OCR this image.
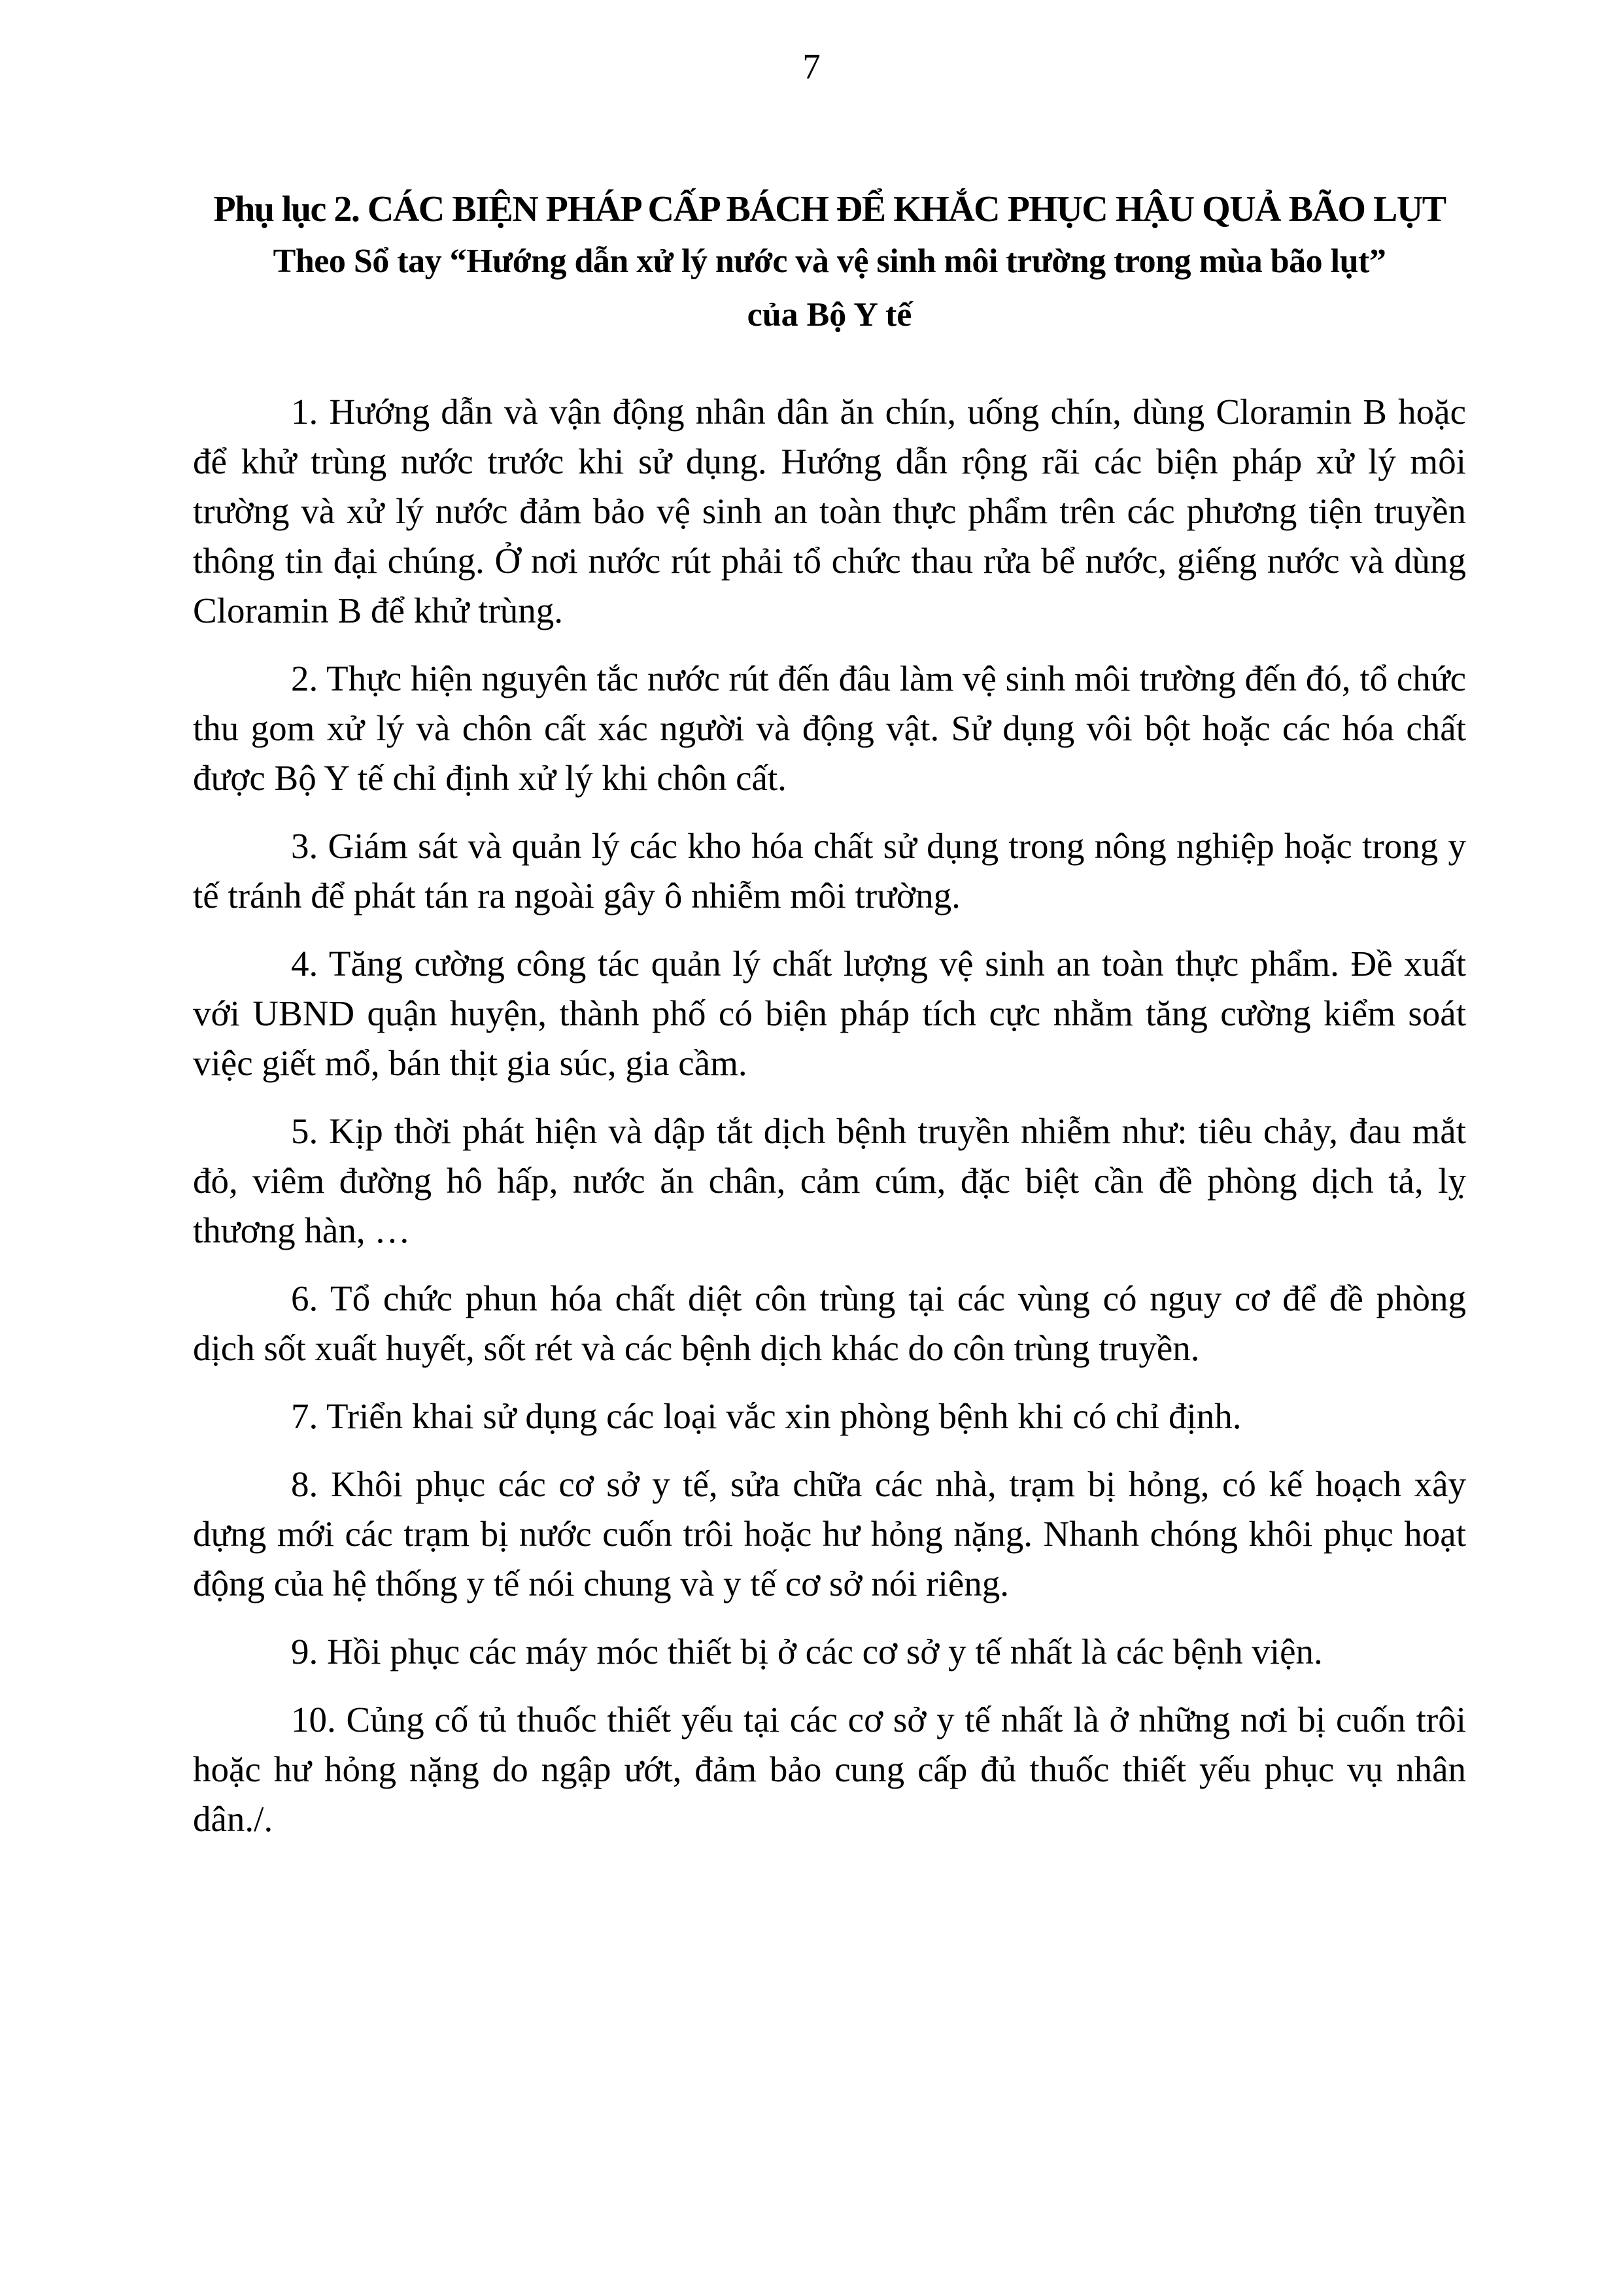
7
Phụ lục 2. CÁC BIỆN PHÁP CẤP BÁCH ĐỂ KHẮC PHỤC HẬU QUẢ BÃO LỤT
Theo Sổ tay “Hướng dẫn xử lý nước và vệ sinh môi trường trong mùa bão lụt”
của Bộ Y tế

1. Hướng dẫn và vận động nhân dân ăn chín, uống chín, dùng Cloramin B hoặc để khử trùng nước trước khi sử dụng. Hướng dẫn rộng rãi các biện pháp xử lý môi trường và xử lý nước đảm bảo vệ sinh an toàn thực phẩm trên các phương tiện truyền thông tin đại chúng. Ở nơi nước rút phải tổ chức thau rửa bể nước, giếng nước và dùng Cloramin B để khử trùng.

2. Thực hiện nguyên tắc nước rút đến đâu làm vệ sinh môi trường đến đó, tổ chức thu gom xử lý và chôn cất xác người và động vật. Sử dụng vôi bột hoặc các hóa chất được Bộ Y tế chỉ định xử lý khi chôn cất.

3. Giám sát và quản lý các kho hóa chất sử dụng trong nông nghiệp hoặc trong y tế tránh để phát tán ra ngoài gây ô nhiễm môi trường.

4. Tăng cường công tác quản lý chất lượng vệ sinh an toàn thực phẩm. Đề xuất với UBND quận huyện, thành phố có biện pháp tích cực nhằm tăng cường kiểm soát việc giết mổ, bán thịt gia súc, gia cầm.

5. Kịp thời phát hiện và dập tắt dịch bệnh truyền nhiễm như: tiêu chảy, đau mắt đỏ, viêm đường hô hấp, nước ăn chân, cảm cúm, đặc biệt cần đề phòng dịch tả, lỵ thương hàn, …

6. Tổ chức phun hóa chất diệt côn trùng tại các vùng có nguy cơ để đề phòng dịch sốt xuất huyết, sốt rét và các bệnh dịch khác do côn trùng truyền.

7. Triển khai sử dụng các loại vắc xin phòng bệnh khi có chỉ định.

8. Khôi phục các cơ sở y tế, sửa chữa các nhà, trạm bị hỏng, có kế hoạch xây dựng mới các trạm bị nước cuốn trôi hoặc hư hỏng nặng. Nhanh chóng khôi phục hoạt động của hệ thống y tế nói chung và y tế cơ sở nói riêng.

9. Hồi phục các máy móc thiết bị ở các cơ sở y tế nhất là các bệnh viện.

10. Củng cố tủ thuốc thiết yếu tại các cơ sở y tế nhất là ở những nơi bị cuốn trôi hoặc hư hỏng nặng do ngập ướt, đảm bảo cung cấp đủ thuốc thiết yếu phục vụ nhân dân./.
